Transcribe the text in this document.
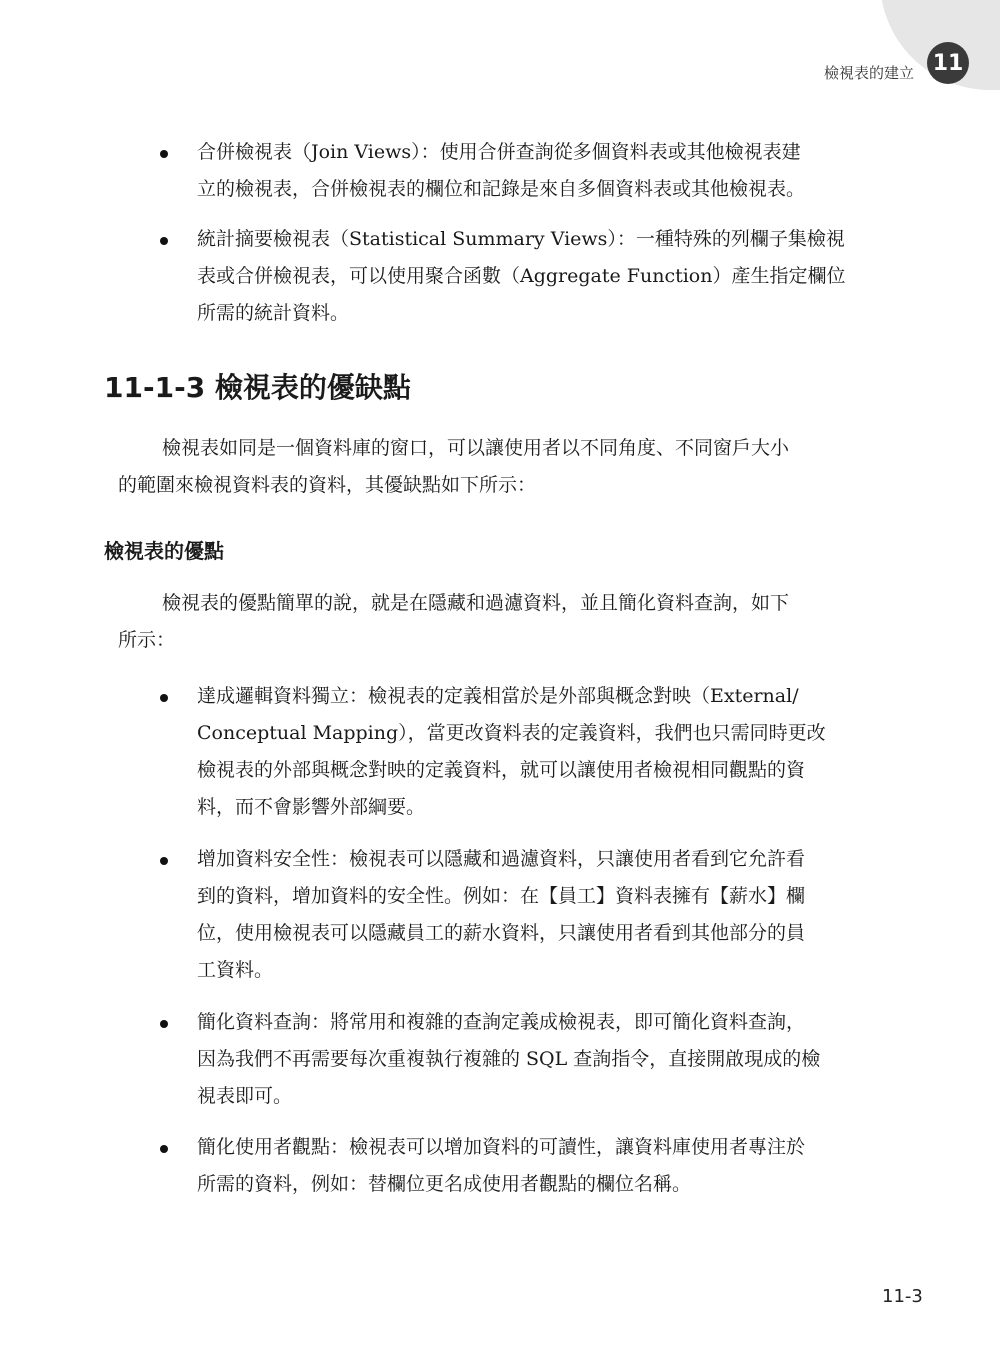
檢視表的建立 11

合併檢視表（Join Views）：使用合併查詢從多個資料表或其他檢視表建
立的檢視表，合併檢視表的欄位和記錄是來自多個資料表或其他檢視表。

統計摘要檢視表（Statistical Summary Views）：一種特殊的列欄子集檢視
表或合併檢視表，可以使用聚合函數（Aggregate Function）產生指定欄位
所需的統計資料。

11-1-3 檢視表的優缺點

檢視表如同是一個資料庫的窗口，可以讓使用者以不同角度、不同窗戶大小
的範圍來檢視資料表的資料，其優缺點如下所示：

檢視表的優點

檢視表的優點簡單的說，就是在隱藏和過濾資料，並且簡化資料查詢，如下
所示：

達成邏輯資料獨立：檢視表的定義相當於是外部與概念對映（External/
Conceptual Mapping），當更改資料表的定義資料，我們也只需同時更改
檢視表的外部與概念對映的定義資料，就可以讓使用者檢視相同觀點的資
料，而不會影響外部綱要。

增加資料安全性：檢視表可以隱藏和過濾資料，只讓使用者看到它允許看
到的資料，增加資料的安全性。例如：在【員工】資料表擁有【薪水】欄
位，使用檢視表可以隱藏員工的薪水資料，只讓使用者看到其他部分的員
工資料。

簡化資料查詢：將常用和複雜的查詢定義成檢視表，即可簡化資料查詢，
因為我們不再需要每次重複執行複雜的 SQL 查詢指令，直接開啟現成的檢
視表即可。

簡化使用者觀點：檢視表可以增加資料的可讀性，讓資料庫使用者專注於
所需的資料，例如：替欄位更名成使用者觀點的欄位名稱。

11-3
